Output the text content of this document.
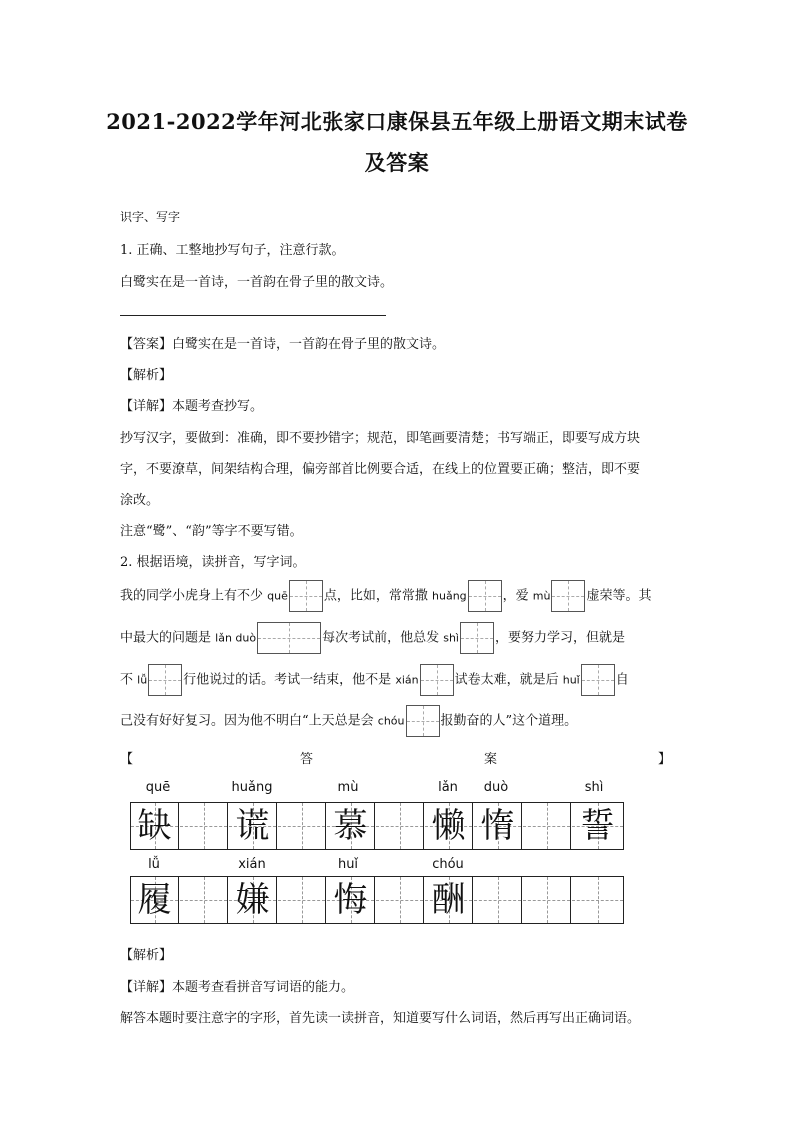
2021-2022学年河北张家口康保县五年级上册语文期末试卷
及答案
识字、写字
1. 正确、工整地抄写句子，注意行款。
白鹭实在是一首诗，一首韵在骨子里的散文诗。
【答案】白鹭实在是一首诗，一首韵在骨子里的散文诗。
【解析】
【详解】本题考查抄写。
抄写汉字，要做到：准确，即不要抄错字；规范，即笔画要清楚；书写端正，即要写成方块
字，不要潦草，间架结构合理，偏旁部首比例要合适，在线上的位置要正确；整洁，即不要
涂改。
注意“鹭”、“韵”等字不要写错。
2. 根据语境，读拼音，写字词。
我的同学小虎身上有不少 quē	点，比如，常常撒 huǎng	，爱 mù	虚荣等。其
中最大的问题是 lǎn duò	每次考试前，他总发 shì	，要努力学习，但就是
不 lǚ	行他说过的话。考试一结束，他不是 xián	试卷太难，就是后 huǐ	自
己没有好好复习。因为他不明白“上天总是会 chóu	报勤奋的人”这个道理。
【	答	案	】
quē	huǎng	mù	lǎn	duò	shì
缺 谎 慕 懒 惰 誓
lǚ	xián	huǐ	chóu
履 嫌 悔 酬
【解析】
【详解】本题考查看拼音写词语的能力。
解答本题时要注意字的字形，首先读一读拼音，知道要写什么词语，然后再写出正确词语。
